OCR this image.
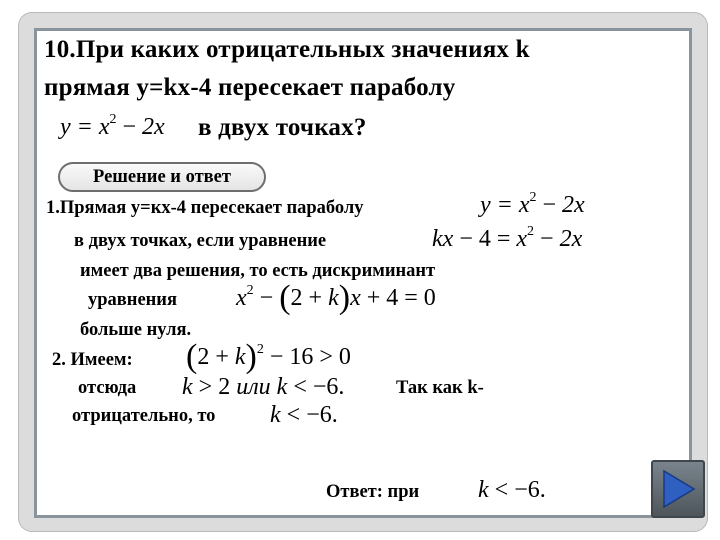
10.При каких отрицательных значениях k
прямая y=kx-4 пересекает параболу
$y = x^2 - 2x$ в двух точках?
Решение и ответ
1.Прямая y=кх-4 пересекает параболу	$y = x^2 - 2x$
в двух точках, если уравнение	kx − $4 = x^2 - 2x$
имеет два решения, то есть дискриминант
уравнения $x^2 - (2 + k)x + 4 = 0$
больше нуля.
2. Имеем: $(2 + k)^2 - 16 > 0$
отсюда k > 2 или k < −6.	Так как k-
отрицательно, то k < −6.
Ответ: при k < −6.
